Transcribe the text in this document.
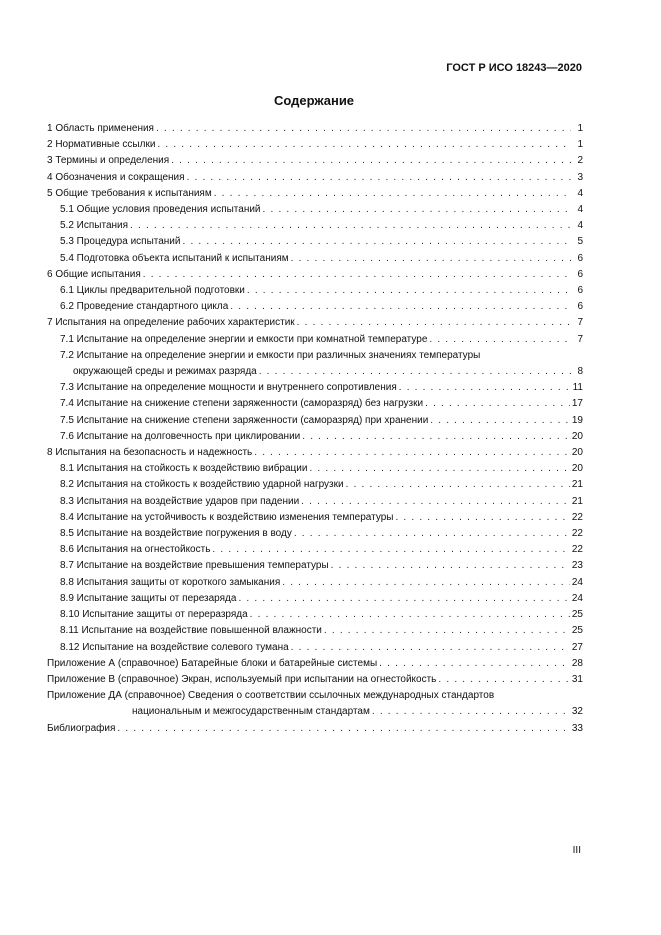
ГОСТ Р ИСО 18243—2020
Содержание
1 Область применения . . .	1
2 Нормативные ссылки . . .	1
3 Термины и определения . . .	2
4 Обозначения и сокращения . . .	3
5 Общие требования к испытаниям . . .	4
5.1 Общие условия проведения испытаний . . .	4
5.2 Испытания . . .	4
5.3 Процедура испытаний . . .	5
5.4 Подготовка объекта испытаний к испытаниям . . .	6
6 Общие испытания . . .	6
6.1 Циклы предварительной подготовки . . .	6
6.2 Проведение стандартного цикла . . .	6
7 Испытания на определение рабочих характеристик . . .	7
7.1 Испытание на определение энергии и емкости при комнатной температуре . . .	7
7.2 Испытание на определение энергии и емкости при различных значениях температуры
окружающей среды и режимах разряда . . .	8
7.3 Испытание на определение мощности и внутреннего сопротивления . . .	11
7.4 Испытание на снижение степени заряженности (саморазряд) без нагрузки . . .	17
7.5 Испытание на снижение степени заряженности (саморазряд) при хранении . . .	19
7.6 Испытание на долговечность при циклировании . . .	20
8 Испытания на безопасность и надежность . . .	20
8.1 Испытания на стойкость к воздействию вибрации . . .	20
8.2 Испытания на стойкость к воздействию ударной нагрузки . . .	21
8.3 Испытания на воздействие ударов при падении . . .	21
8.4 Испытание на устойчивость к воздействию изменения температуры . . .	22
8.5 Испытание на воздействие погружения в воду . . .	22
8.6 Испытания на огнестойкость . . .	22
8.7 Испытание на воздействие превышения температуры . . .	23
8.8 Испытания защиты от короткого замыкания . . .	24
8.9 Испытание защиты от перезаряда . . .	24
8.10 Испытание защиты от переразряда . . .	25
8.11 Испытание на воздействие повышенной влажности . . .	25
8.12 Испытание на воздействие солевого тумана . . .	27
Приложение А (справочное) Батарейные блоки и батарейные системы . . .	28
Приложение В (справочное) Экран, используемый при испытании на огнестойкость . . .	31
Приложение ДА (справочное) Сведения о соответствии ссылочных международных стандартов
национальным и межгосударственным стандартам . . .	32
Библиография . . .	33
III
